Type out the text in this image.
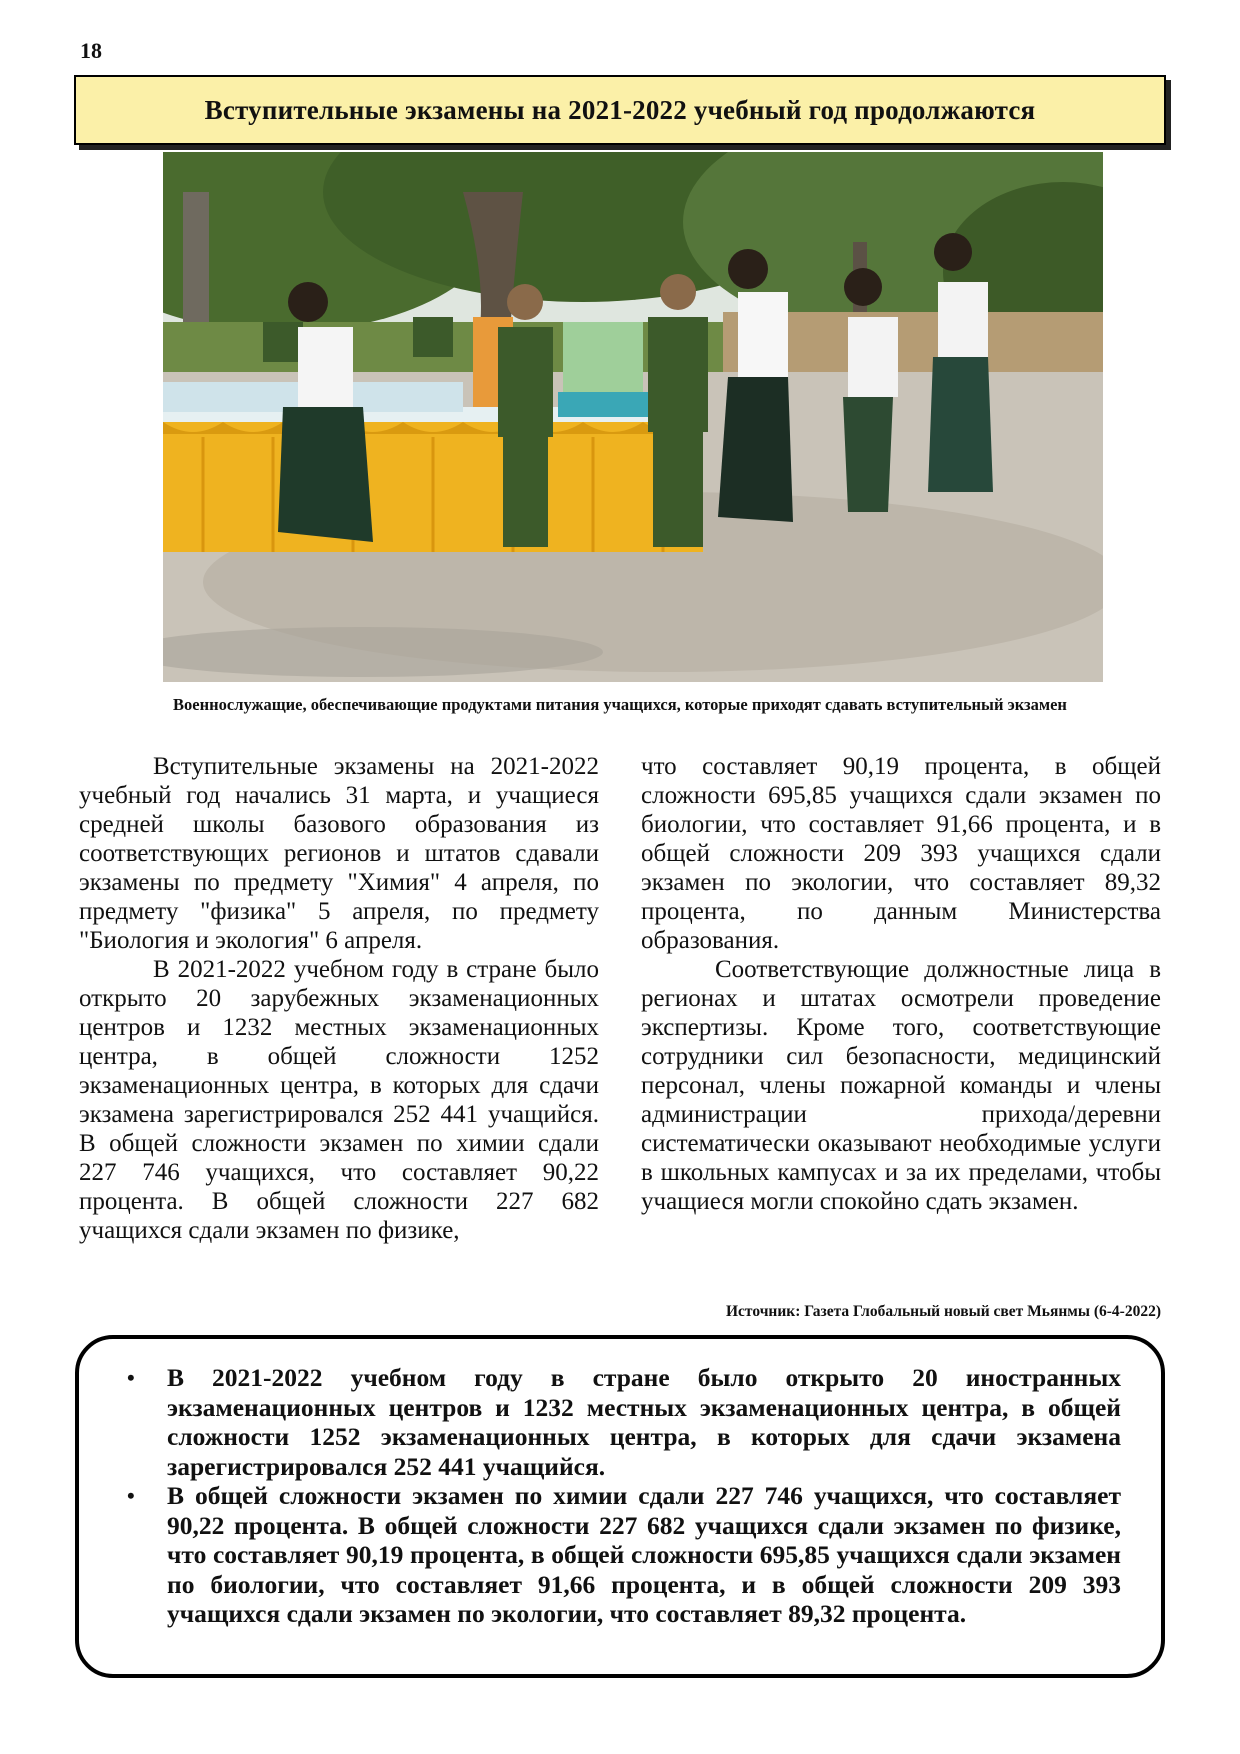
18
Вступительные экзамены на 2021-2022 учебный год продолжаются
Военнослужащие, обеспечивающие продуктами питания учащихся, которые приходят сдавать вступительный экзамен

Вступительные экзамены на 2021-2022 учебный год начались 31 марта, и учащиеся средней школы базового образования из соответствующих регионов и штатов сдавали экзамены по предмету "Химия" 4 апреля, по предмету "физика" 5 апреля, по предмету "Биология и экология" 6 апреля.

В 2021-2022 учебном году в стране было открыто 20 зарубежных экзаменационных центров и 1232 местных экзаменационных центра, в общей сложности 1252 экзаменационных центра, в которых для сдачи экзамена зарегистрировался 252 441 учащийся. В общей сложности экзамен по химии сдали 227 746 учащихся, что составляет 90,22 процента. В общей сложности 227 682 учащихся сдали экзамен по физике,

что составляет 90,19 процента, в общей сложности 695,85 учащихся сдали экзамен по биологии, что составляет 91,66 процента, и в общей сложности 209 393 учащихся сдали экзамен по экологии, что составляет 89,32 процента, по данным Министерства образования.

Соответствующие должностные лица в регионах и штатах осмотрели проведение экспертизы. Кроме того, соответствующие сотрудники сил безопасности, медицинский персонал, члены пожарной команды и члены администрации прихода/деревни систематически оказывают необходимые услуги в школьных кампусах и за их пределами, чтобы учащиеся могли спокойно сдать экзамен.

Источник: Газета Глобальный новый свет Мьянмы (6-4-2022)
• В 2021-2022 учебном году в стране было открыто 20 иностранных экзаменационных центров и 1232 местных экзаменационных центра, в общей сложности 1252 экзаменационных центра, в которых для сдачи экзамена зарегистрировался 252 441 учащийся.
• В общей сложности экзамен по химии сдали 227 746 учащихся, что составляет 90,22 процента. В общей сложности 227 682 учащихся сдали экзамен по физике, что составляет 90,19 процента, в общей сложности 695,85 учащихся сдали экзамен по биологии, что составляет 91,66 процента, и в общей сложности 209 393 учащихся сдали экзамен по экологии, что составляет 89,32 процента.
